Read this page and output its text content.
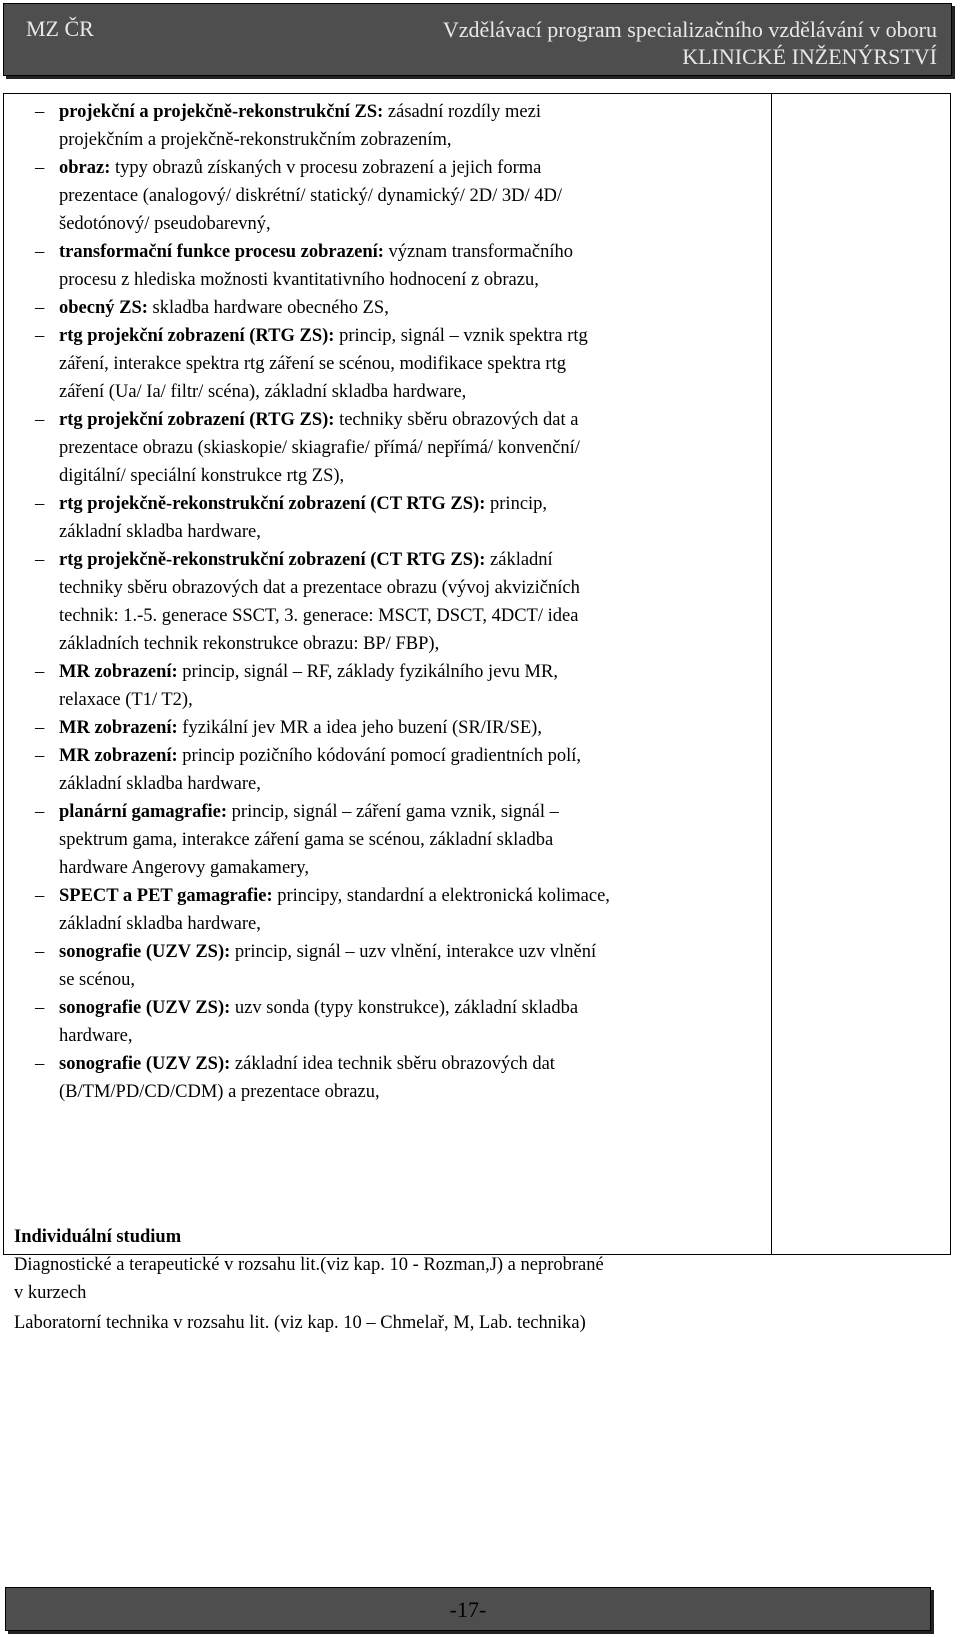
MZ ČR	Vzdělávací program specializačního vzdělávání v oboru
KLINICKÉ INŽENÝRSTVÍ
– projekční a projekčně-rekonstrukční ZS: zásadní rozdíly mezi
projekčním a projekčně-rekonstrukčním zobrazením,
– obraz: typy obrazů získaných v procesu zobrazení a jejich forma
prezentace (analogový/ diskrétní/ statický/ dynamický/ 2D/ 3D/ 4D/
šedotónový/ pseudobarevný,
– transformační funkce procesu zobrazení: význam transformačního
procesu z hlediska možnosti kvantitativního hodnocení z obrazu,
– obecný ZS: skladba hardware obecného ZS,
– rtg projekční zobrazení (RTG ZS): princip, signál – vznik spektra rtg
záření, interakce spektra rtg záření se scénou, modifikace spektra rtg
záření (Ua/ Ia/ filtr/ scéna), základní skladba hardware,
– rtg projekční zobrazení (RTG ZS): techniky sběru obrazových dat a
prezentace obrazu (skiaskopie/ skiagrafie/ přímá/ nepřímá/ konvenční/
digitální/ speciální konstrukce rtg ZS),
– rtg projekčně-rekonstrukční zobrazení (CT RTG ZS): princip,
základní skladba hardware,
– rtg projekčně-rekonstrukční zobrazení (CT RTG ZS): základní
techniky sběru obrazových dat a prezentace obrazu (vývoj akvizičních
technik: 1.-5. generace SSCT, 3. generace: MSCT, DSCT, 4DCT/ idea
základních technik rekonstrukce obrazu: BP/ FBP),
– MR zobrazení: princip, signál – RF, základy fyzikálního jevu MR,
relaxace (T1/ T2),
– MR zobrazení: fyzikální jev MR a idea jeho buzení (SR/IR/SE),
– MR zobrazení: princip pozičního kódování pomocí gradientních polí,
základní skladba hardware,
– planární gamagrafie: princip, signál – záření gama vznik, signál –
spektrum gama, interakce záření gama se scénou, základní skladba
hardware Angerovy gamakamery,
– SPECT a PET gamagrafie: principy, standardní a elektronická kolimace,
základní skladba hardware,
– sonografie (UZV ZS): princip, signál – uzv vlnění, interakce uzv vlnění
se scénou,
– sonografie (UZV ZS): uzv sonda (typy konstrukce), základní skladba
hardware,
– sonografie (UZV ZS): základní idea technik sběru obrazových dat
(B/TM/PD/CD/CDM) a prezentace obrazu,
Individuální studium
Diagnostické a terapeutické v rozsahu lit.(viz kap. 10 - Rozman,J) a neprobrané
v kurzech
Laboratorní technika v rozsahu lit. (viz kap. 10 – Chmelař, M, Lab. technika)
-17-
